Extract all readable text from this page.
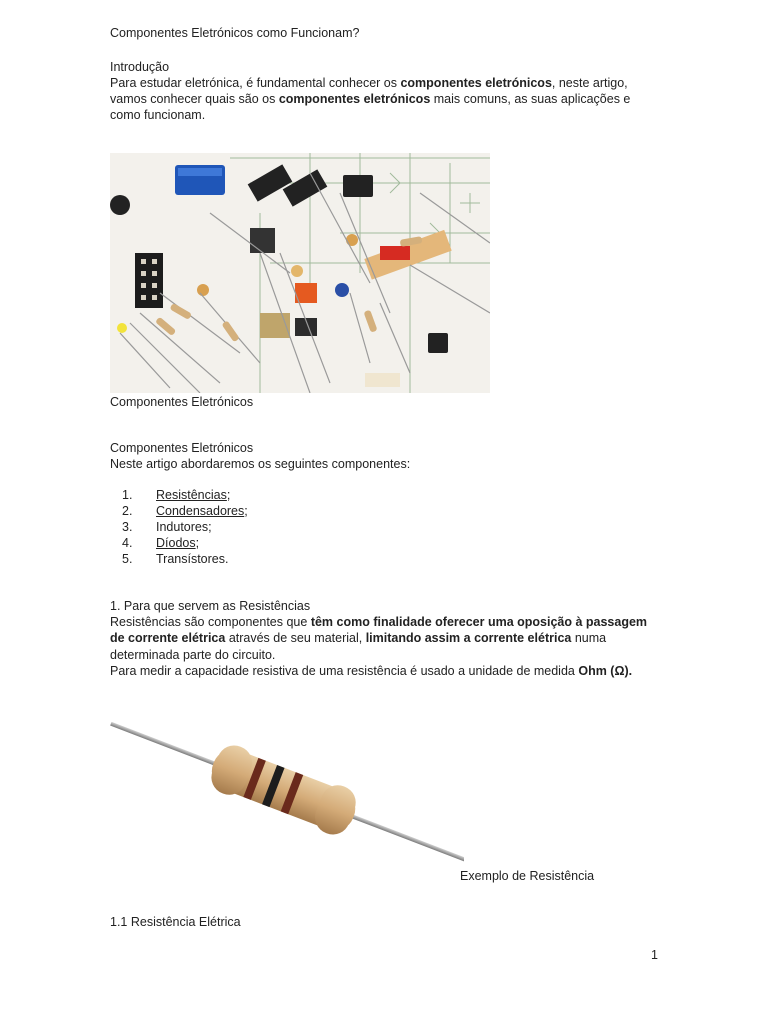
Componentes Eletrónicos como Funcionam?
Introdução
Para estudar eletrónica, é fundamental conhecer os componentes eletrónicos, neste artigo,
vamos conhecer quais são os componentes eletrónicos mais comuns, as suas aplicações e
como funcionam.
Componentes Eletrónicos
Componentes Eletrónicos
Neste artigo abordaremos os seguintes componentes:
1. Resistências;
2. Condensadores;
3. Indutores;
4. Díodos;
5. Transístores.
1. Para que servem as Resistências
Resistências são componentes que têm como finalidade oferecer uma oposição à passagem
de corrente elétrica através de seu material, limitando assim a corrente elétrica numa
determinada parte do circuito.
Para medir a capacidade resistiva de uma resistência é usado a unidade de medida Ohm (Ω).
Exemplo de Resistência
1.1 Resistência Elétrica
1
